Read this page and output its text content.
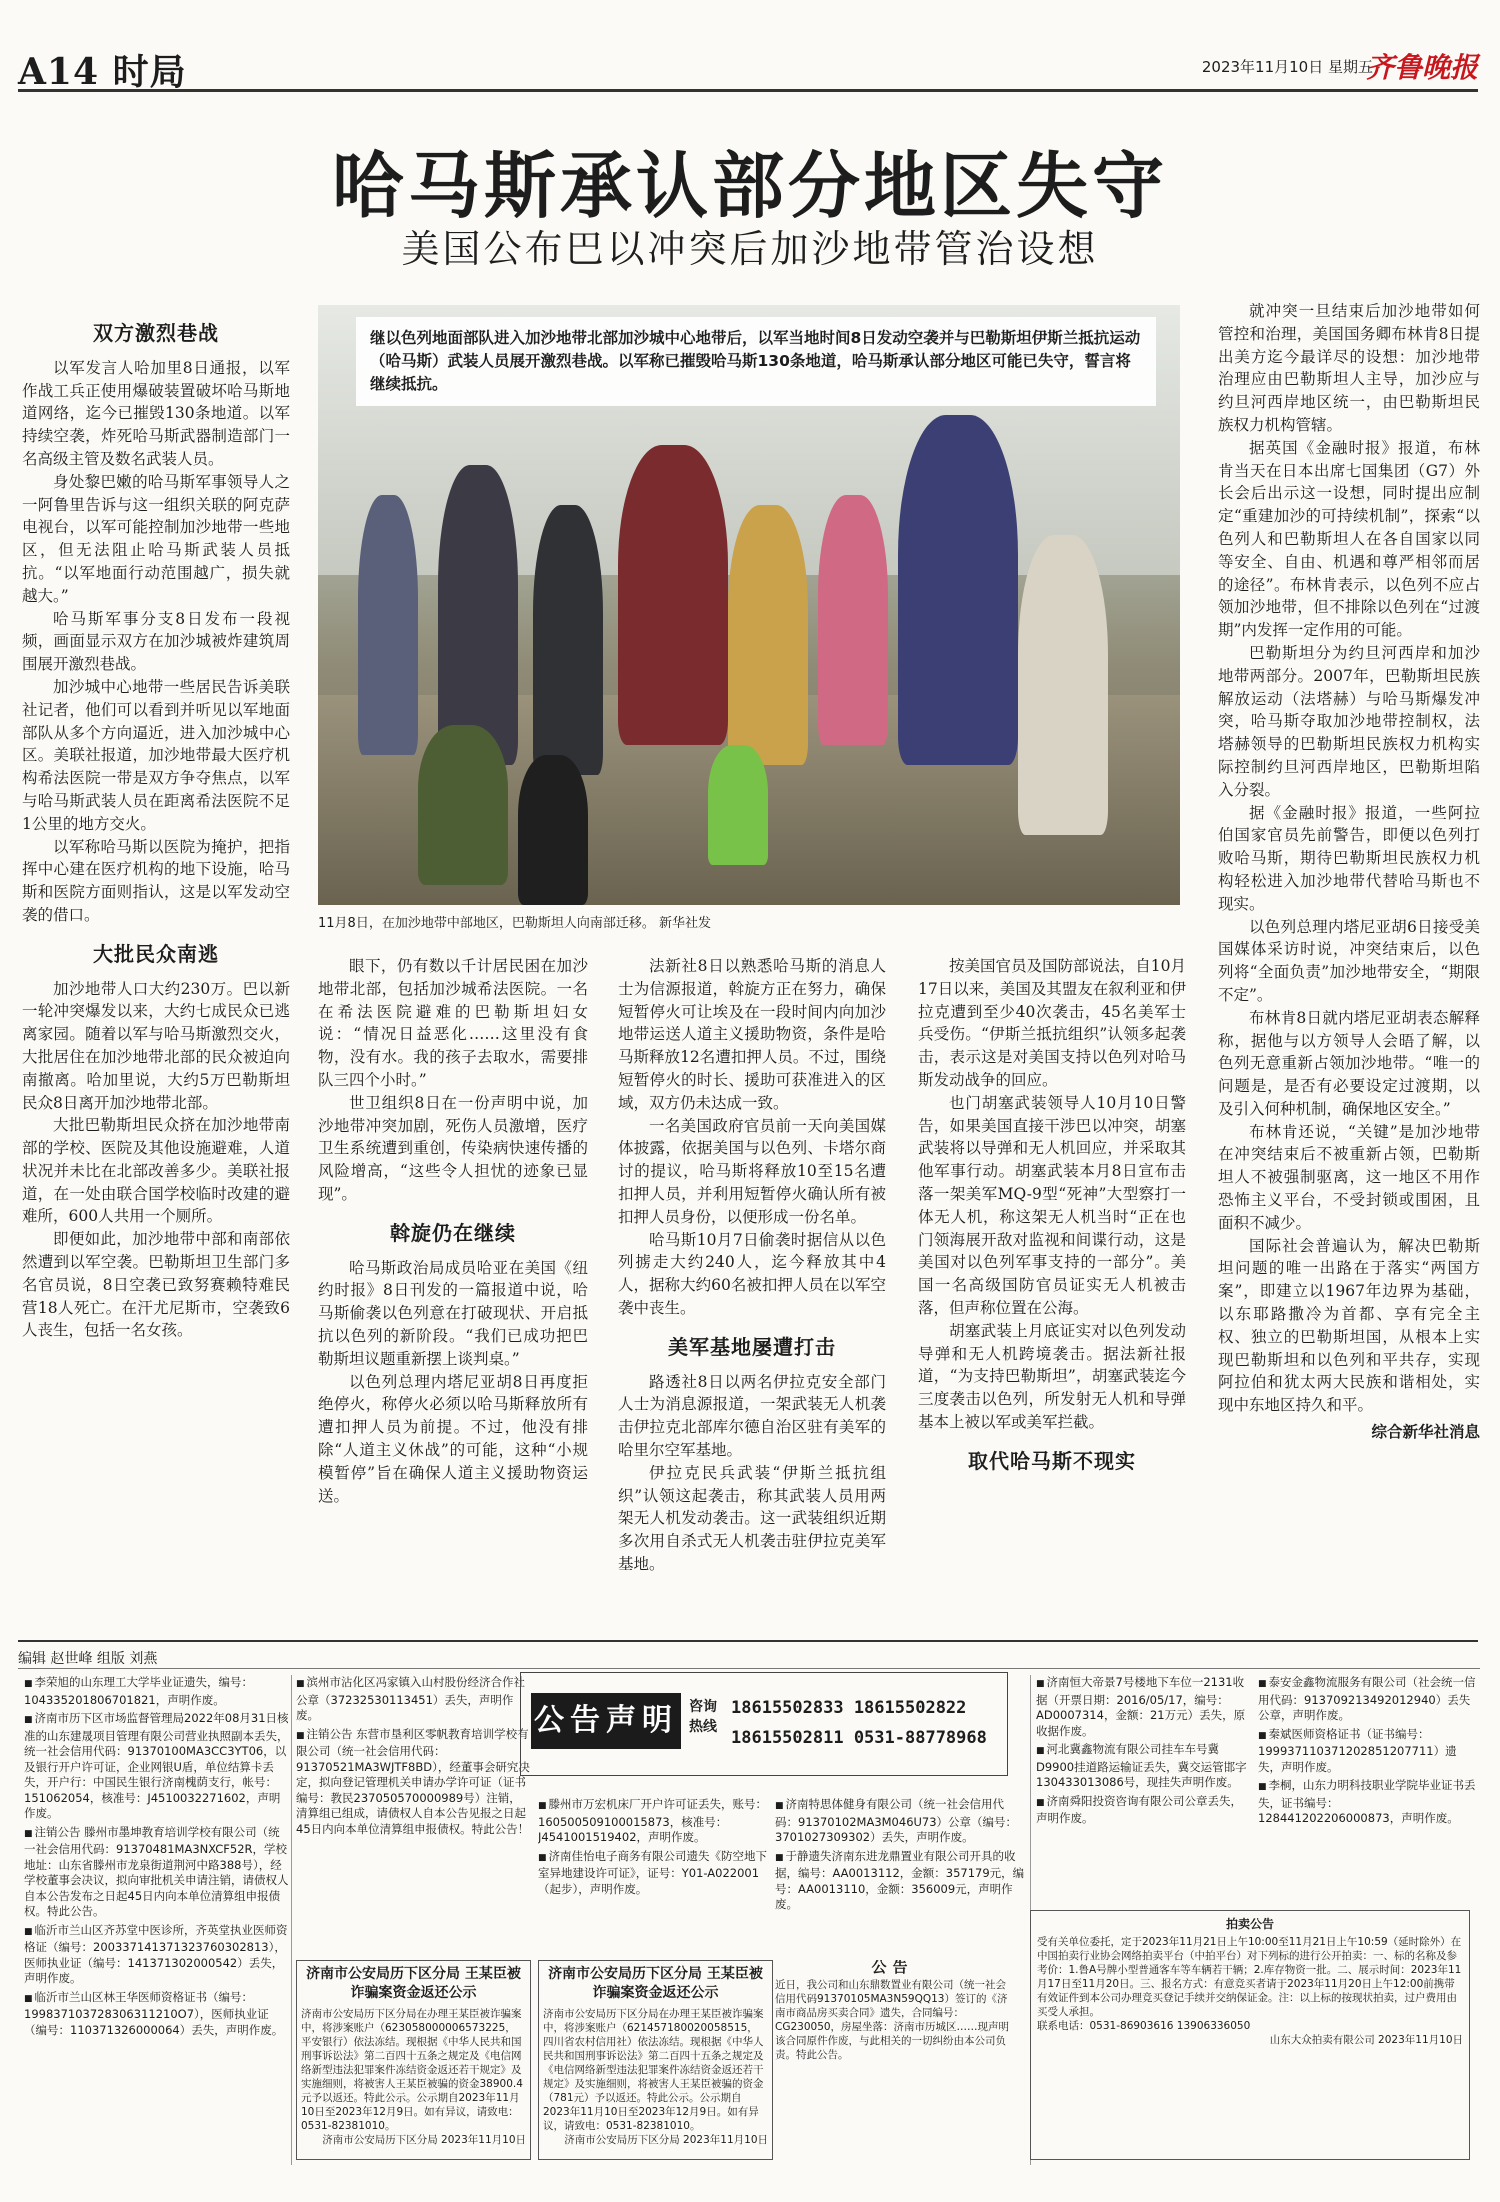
A14 时局	2023年11月10日 星期五
齐鲁晚报
哈马斯承认部分地区失守
美国公布巴以冲突后加沙地带管治设想
继以色列地面部队进入加沙地带北部加沙城中心地带后，以军当地时间8日发动空袭并与巴勒斯坦伊斯兰抵抗运动（哈马斯）武装人员展开激烈巷战。以军称已摧毁哈马斯130条地道，哈马斯承认部分地区可能已失守，誓言将继续抵抗。
11月8日，在加沙地带中部地区，巴勒斯坦人向南部迁移。 新华社发
双方激烈巷战

以军发言人哈加里8日通报，以军作战工兵正使用爆破装置破坏哈马斯地道网络，迄今已摧毁130条地道。以军持续空袭，炸死哈马斯武器制造部门一名高级主管及数名武装人员。

身处黎巴嫩的哈马斯军事领导人之一阿鲁里告诉与这一组织关联的阿克萨电视台，以军可能控制加沙地带一些地区，但无法阻止哈马斯武装人员抵抗。“以军地面行动范围越广，损失就越大。”

哈马斯军事分支8日发布一段视频，画面显示双方在加沙城被炸建筑周围展开激烈巷战。

加沙城中心地带一些居民告诉美联社记者，他们可以看到并听见以军地面部队从多个方向逼近，进入加沙城中心区。美联社报道，加沙地带最大医疗机构希法医院一带是双方争夺焦点，以军与哈马斯武装人员在距离希法医院不足1公里的地方交火。

以军称哈马斯以医院为掩护，把指挥中心建在医疗机构的地下设施，哈马斯和医院方面则指认，这是以军发动空袭的借口。

大批民众南逃

加沙地带人口大约230万。巴以新一轮冲突爆发以来，大约七成民众已逃离家园。随着以军与哈马斯激烈交火，大批居住在加沙地带北部的民众被迫向南撤离。哈加里说，大约5万巴勒斯坦民众8日离开加沙地带北部。

大批巴勒斯坦民众挤在加沙地带南部的学校、医院及其他设施避难，人道状况并未比在北部改善多少。美联社报道，在一处由联合国学校临时改建的避难所，600人共用一个厕所。

即便如此，加沙地带中部和南部依然遭到以军空袭。巴勒斯坦卫生部门多名官员说，8日空袭已致努赛赖特难民营18人死亡。在汗尤尼斯市，空袭致6人丧生，包括一名女孩。

眼下，仍有数以千计居民困在加沙地带北部，包括加沙城希法医院。一名在希法医院避难的巴勒斯坦妇女说：“情况日益恶化……这里没有食物，没有水。我的孩子去取水，需要排队三四个小时。”

世卫组织8日在一份声明中说，加沙地带冲突加剧，死伤人员激增，医疗卫生系统遭到重创，传染病快速传播的风险增高，“这些令人担忧的迹象已显现”。

斡旋仍在继续

哈马斯政治局成员哈亚在美国《纽约时报》8日刊发的一篇报道中说，哈马斯偷袭以色列意在打破现状、开启抵抗以色列的新阶段。“我们已成功把巴勒斯坦议题重新摆上谈判桌。”

以色列总理内塔尼亚胡8日再度拒绝停火，称停火必须以哈马斯释放所有遭扣押人员为前提。不过，他没有排除“人道主义休战”的可能，这种“小规模暂停”旨在确保人道主义援助物资运送。

法新社8日以熟悉哈马斯的消息人士为信源报道，斡旋方正在努力，确保短暂停火可让埃及在一段时间内向加沙地带运送人道主义援助物资，条件是哈马斯释放12名遭扣押人员。不过，围绕短暂停火的时长、援助可获准进入的区域，双方仍未达成一致。

一名美国政府官员前一天向美国媒体披露，依据美国与以色列、卡塔尔商讨的提议，哈马斯将释放10至15名遭扣押人员，并利用短暂停火确认所有被扣押人员身份，以便形成一份名单。

哈马斯10月7日偷袭时据信从以色列掳走大约240人，迄今释放其中4人，据称大约60名被扣押人员在以军空袭中丧生。

美军基地屡遭打击

路透社8日以两名伊拉克安全部门人士为消息源报道，一架武装无人机袭击伊拉克北部库尔德自治区驻有美军的哈里尔空军基地。

伊拉克民兵武装“伊斯兰抵抗组织”认领这起袭击，称其武装人员用两架无人机发动袭击。这一武装组织近期多次用自杀式无人机袭击驻伊拉克美军基地。

按美国官员及国防部说法，自10月17日以来，美国及其盟友在叙利亚和伊拉克遭到至少40次袭击，45名美军士兵受伤。“伊斯兰抵抗组织”认领多起袭击，表示这是对美国支持以色列对哈马斯发动战争的回应。

也门胡塞武装领导人10月10日警告，如果美国直接干涉巴以冲突，胡塞武装将以导弹和无人机回应，并采取其他军事行动。胡塞武装本月8日宣布击落一架美军MQ-9型“死神”大型察打一体无人机，称这架无人机当时“正在也门领海展开敌对监视和间谍行动，这是美国对以色列军事支持的一部分”。美国一名高级国防官员证实无人机被击落，但声称位置在公海。

胡塞武装上月底证实对以色列发动导弹和无人机跨境袭击。据法新社报道，“为支持巴勒斯坦”，胡塞武装迄今三度袭击以色列，所发射无人机和导弹基本上被以军或美军拦截。

取代哈马斯不现实

就冲突一旦结束后加沙地带如何管控和治理，美国国务卿布林肯8日提出美方迄今最详尽的设想：加沙地带治理应由巴勒斯坦人主导，加沙应与约旦河西岸地区统一，由巴勒斯坦民族权力机构管辖。

据英国《金融时报》报道，布林肯当天在日本出席七国集团（G7）外长会后出示这一设想，同时提出应制定“重建加沙的可持续机制”，探索“以色列人和巴勒斯坦人在各自国家以同等安全、自由、机遇和尊严相邻而居的途径”。布林肯表示，以色列不应占领加沙地带，但不排除以色列在“过渡期”内发挥一定作用的可能。

巴勒斯坦分为约旦河西岸和加沙地带两部分。2007年，巴勒斯坦民族解放运动（法塔赫）与哈马斯爆发冲突，哈马斯夺取加沙地带控制权，法塔赫领导的巴勒斯坦民族权力机构实际控制约旦河西岸地区，巴勒斯坦陷入分裂。

据《金融时报》报道，一些阿拉伯国家官员先前警告，即便以色列打败哈马斯，期待巴勒斯坦民族权力机构轻松进入加沙地带代替哈马斯也不现实。

以色列总理内塔尼亚胡6日接受美国媒体采访时说，冲突结束后，以色列将“全面负责”加沙地带安全，“期限不定”。

布林肯8日就内塔尼亚胡表态解释称，据他与以方领导人会晤了解，以色列无意重新占领加沙地带。“唯一的问题是，是否有必要设定过渡期，以及引入何种机制，确保地区安全。”

布林肯还说，“关键”是加沙地带在冲突结束后不被重新占领，巴勒斯坦人不被强制驱离，这一地区不用作恐怖主义平台，不受封锁或围困，且面积不减少。

国际社会普遍认为，解决巴勒斯坦问题的唯一出路在于落实“两国方案”，即建立以1967年边界为基础，以东耶路撒冷为首都、享有完全主权、独立的巴勒斯坦国，从根本上实现巴勒斯坦和以色列和平共存，实现阿拉伯和犹太两大民族和谐相处，实现中东地区持久和平。

综合新华社消息
编辑 赵世峰 组版 刘燕
■ 李荣旭的山东理工大学毕业证遗失，编号：104335201806701821，声明作废。
■ 济南市历下区市场监督管理局2022年08月31日核准的山东建晟项目管理有限公司营业执照副本丢失，统一社会信用代码：91370100MA3CC3YT06，以及银行开户许可证，企业网银U盾，单位结算卡丢失，开户行：中国民生银行济南槐荫支行，帐号：151062054，核准号：J4510032271602，声明作废。
■ 注销公告 滕州市墨坤教育培训学校有限公司（统一社会信用代码：91370481MA3NXCF52R，学校地址：山东省滕州市龙泉街道荆河中路388号），经学校董事会决议，拟向审批机关申请注销，请债权人自本公告发布之日起45日内向本单位清算组申报债权。特此公告。
■ 临沂市兰山区齐苏堂中医诊所，齐英堂执业医师资格证（编号：200337141371323760302813），医师执业证（编号：141371302000542）丢失，声明作废。
■ 临沂市兰山区林王华医师资格证书（编号：199837103728306311210O7），医师执业证（编号：110371326000064）丢失，声明作废。
■ 滨州市沾化区冯家镇入山村股份经济合作社公章（37232530113451）丢失，声明作废。
■ 注销公告 东营市垦利区零帆教育培训学校有限公司（统一社会信用代码：91370521MA3WJTF8BD），经董事会研究决定，拟向登记管理机关申请办学许可证（证书编号：教民237050570000989号）注销，清算组已组成，请债权人自本公告见报之日起45日内向本单位清算组申报债权。特此公告！
■ 滕州市万宏机床厂开户许可证丢失，账号：1605005091000158​73，核准号：J4541001519402，声明作废。
■ 济南佳怡电子商务有限公司遗失《防空地下室异地建设许可证》，证号：Y01-A022001（起步），声明作废。
■ 济南特思体健身有限公司（统一社会信用代码：91370102MA3M046U73）公章（编号：3701027309302）丢失，声明作废。
■ 于静遗失济南东进龙鼎置业有限公司开具的收据，编号：AA0013112，金额：357179元，编号：AA0013110，金额：356009元，声明作废。
■ 济南恒大帝景7号楼地下车位一2131收据（开票日期：2016/05/17，编号：AD0007314，金额：21万元）丢失，原收据作废。
■ 河北冀鑫物流有限公司挂车车号冀D9900挂道路运输证丢失，冀交运管邯字130433013086号，现挂失声明作废。
■ 济南舜阳投资咨询有限公司公章丢失，声明作废。
■ 泰安金鑫物流服务有限公司（社会统一信用代码：913709213492012940）丢失公章，声明作废。
■ 秦斌医师资格证书（证书编号：199937110371202851207711）遗失，声明作废。
■ 李桐，山东力明科技职业学院毕业证书丢失，证书编号：128441202206000873，声明作废。
公告声明 咨询热线
18615502833 18615502822
18615502811 0531-88778968
济南市公安局历下区分局 王某臣被诈骗案资金返还公示
济南市公安局历下区分局在办理王某臣被诈骗案中，将涉案账户（6230580000065​73225，平安银行）依法冻结。现根据《中华人民共和国刑事诉讼法》第二百四十五条之规定及《电信网络新型违法犯罪案件冻结资金返还若干规定》及实施细则，将被害人王某臣被骗的资金38900.4元予以返还。特此公示。公示期自2023年11月10日至2023年12月9日。如有异议，请致电：0531-82381010。
济南市公安局历下区分局 2023年11月10日
济南市公安局历下区分局 王某臣被诈骗案资金返还公示
济南市公安局历下区分局在办理王某臣被诈骗案中，将涉案账户（621457180020058515，四川省农村信用社）依法冻结。现根据《中华人民共和国刑事诉讼法》第二百四十五条之规定及《电信网络新型违法犯罪案件冻结资金返还若干规定》及实施细则，将被害人王某臣被骗的资金（781元）予以返还。特此公示。公示期自2023年11月10日至2023年12月9日。如有异议，请致电：0531-82381010。
济南市公安局历下区分局 2023年11月10日
公告
近日，我公司和山东鼎数置业有限公司（统一社会信用代码91370105MA3N59QQ13）签订的《济南市商品房买卖合同》遗失，合同编号：CG230050，房屋坐落：济南市历城区……现声明该合同原件作废，与此相关的一切纠纷由本公司负责。特此公告。
拍卖公告
受有关单位委托，定于2023年11月21日上午10:00至11月21日上午10:59（延时除外）在中国拍卖行业协会网络拍卖平台（中拍平台）对下列标的进行公开拍卖：一、标的名称及参考价：1.鲁A号牌小型普通客车等车辆若干辆；2.库存物资一批。二、展示时间：2023年11月17日至11月20日。三、报名方式：有意竞买者请于2023年11月20日上午12:00前携带有效证件到本公司办理竞买登记手续并交纳保证金。注：以上标的按现状拍卖，过户费用由买受人承担。
联系电话：0531-86903616 13906336050
山东大众拍卖有限公司 2023年11月10日
